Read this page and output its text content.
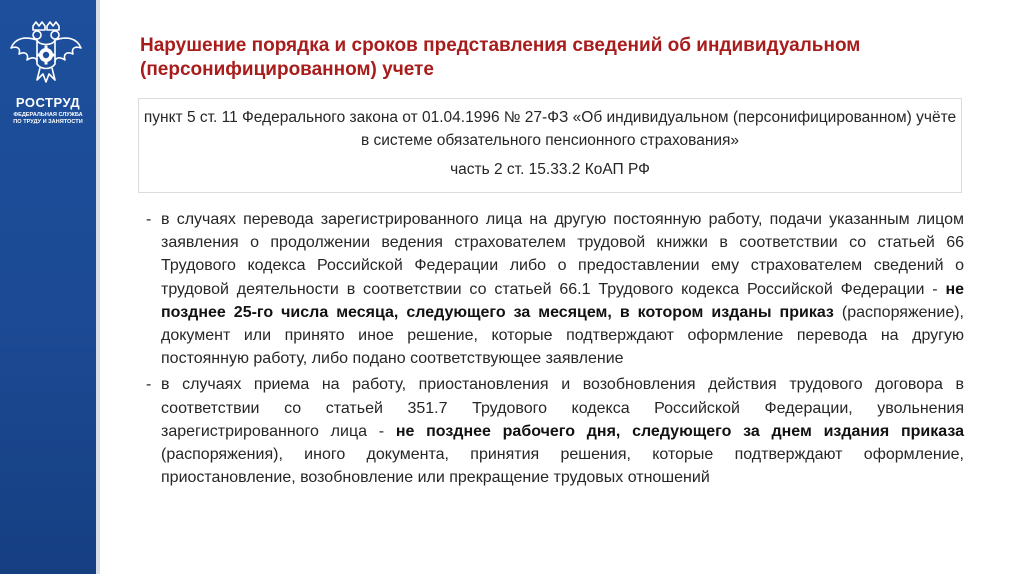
РОСТРУД
ФЕДЕРАЛЬНАЯ СЛУЖБА
ПО ТРУДУ И ЗАНЯТОСТИ
Нарушение порядка и сроков представления сведений об индивидуальном (персонифицированном) учете
пункт 5 ст. 11 Федерального закона от 01.04.1996 № 27-ФЗ «Об индивидуальном (персонифицированном) учёте в системе обязательного пенсионного страхования»
часть 2 ст. 15.33.2 КоАП РФ
- в случаях перевода зарегистрированного лица на другую постоянную работу, подачи указанным лицом заявления о продолжении ведения страхователем трудовой книжки в соответствии со статьей 66 Трудового кодекса Российской Федерации либо о предоставлении ему страхователем сведений о трудовой деятельности в соответствии со статьей 66.1 Трудового кодекса Российской Федерации - не позднее 25-го числа месяца, следующего за месяцем, в котором изданы приказ (распоряжение), документ или принято иное решение, которые подтверждают оформление перевода на другую постоянную работу, либо подано соответствующее заявление
- в случаях приема на работу, приостановления и возобновления действия трудового договора в соответствии со статьей 351.7 Трудового кодекса Российской Федерации, увольнения зарегистрированного лица - не позднее рабочего дня, следующего за днем издания приказа (распоряжения), иного документа, принятия решения, которые подтверждают оформление, приостановление, возобновление или прекращение трудовых отношений
